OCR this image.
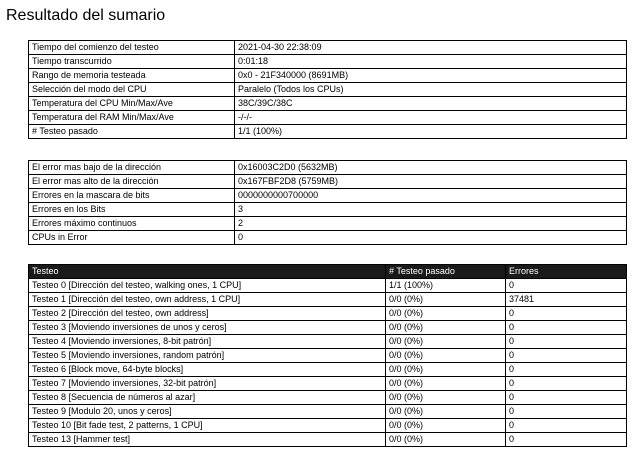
Resultado del sumario
Tiempo del comienzo del testeo	2021-04-30 22:38:09
Tiempo transcurrido	0:01:18
Rango de memoria testeada	0x0 - 21F340000 (8691MB)
Selección del modo del CPU	Paralelo (Todos los CPUs)
Temperatura del CPU Min/Max/Ave	38C/39C/38C
Temperatura del RAM Min/Max/Ave	-/-/-
# Testeo pasado	1/1 (100%)
El error mas bajo de la dirección	0x16003C2D0 (5632MB)
El error mas alto de la dirección	0x167FBF2D8 (5759MB)
Errores en la mascara de bits	0000000000700000
Errores en los Bits	3
Errores máximo continuos	2
CPUs in Error	0
Testeo	# Testeo pasado	Errores
Testeo 0 [Dirección del testeo, walking ones, 1 CPU]	1/1 (100%)	0
Testeo 1 [Dirección del testeo, own address, 1 CPU]	0/0 (0%)	37481
Testeo 2 [Dirección del testeo, own address]	0/0 (0%)	0
Testeo 3 [Moviendo inversiones de unos y ceros]	0/0 (0%)	0
Testeo 4 [Moviendo inversiones, 8-bit patrón]	0/0 (0%)	0
Testeo 5 [Moviendo inversiones, random patrón]	0/0 (0%)	0
Testeo 6 [Block move, 64-byte blocks]	0/0 (0%)	0
Testeo 7 [Moviendo inversiones, 32-bit patrón]	0/0 (0%)	0
Testeo 8 [Secuencia de números al azar]	0/0 (0%)	0
Testeo 9 [Modulo 20, unos y ceros]	0/0 (0%)	0
Testeo 10 [Bit fade test, 2 patterns, 1 CPU]	0/0 (0%)	0
Testeo 13 [Hammer test]	0/0 (0%)	0
